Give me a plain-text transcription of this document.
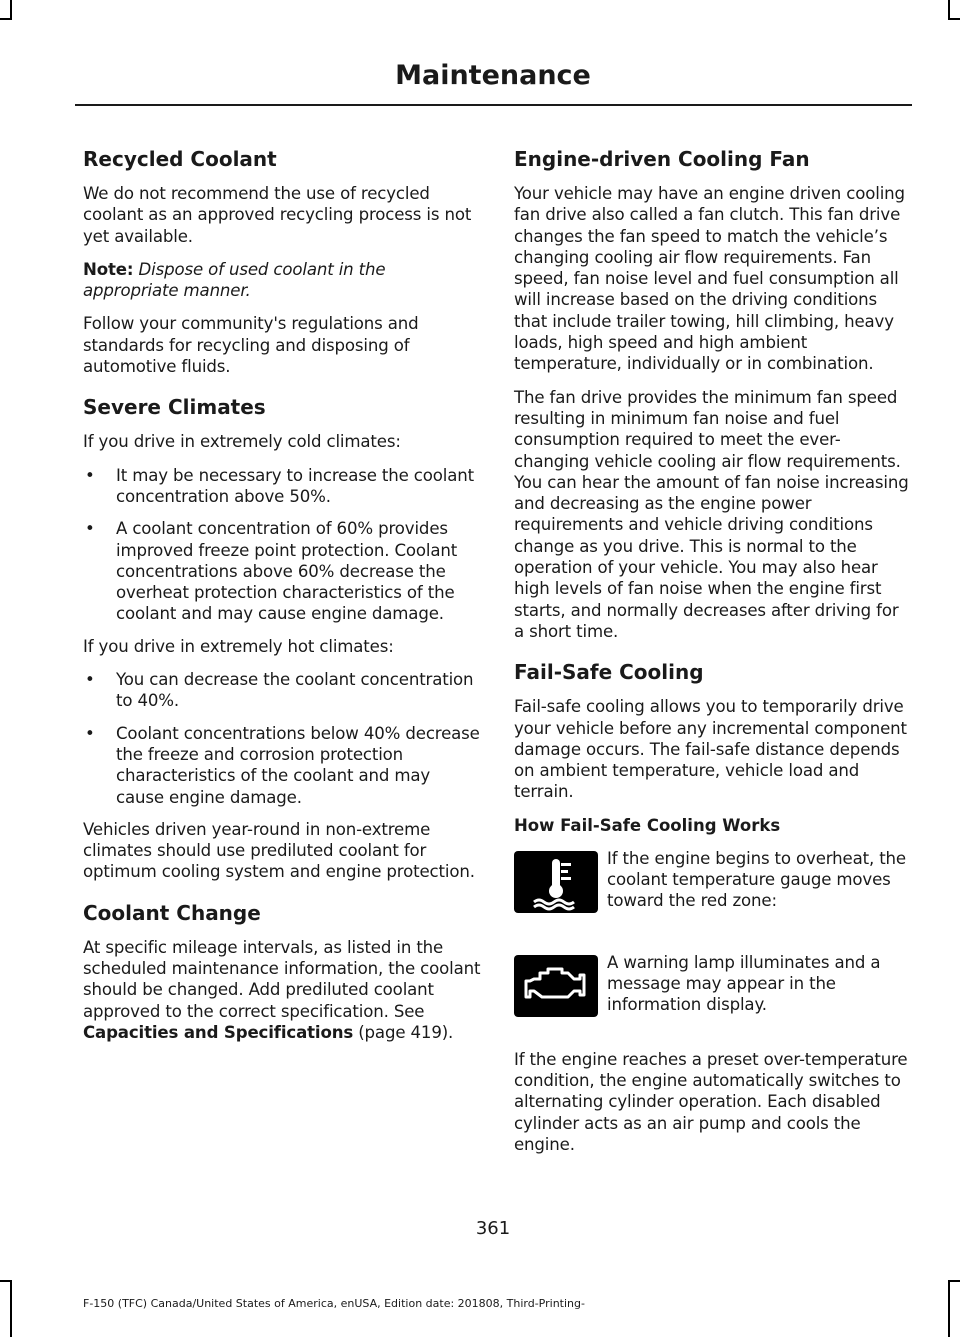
Maintenance
Recycled Coolant

We do not recommend the use of recycled coolant as an approved recycling process is not yet available.

Note: Dispose of used coolant in the appropriate manner.

Follow your community's regulations and standards for recycling and disposing of automotive fluids.

Severe Climates

If you drive in extremely cold climates:

• It may be necessary to increase the coolant concentration above 50%.
• A coolant concentration of 60% provides improved freeze point protection. Coolant concentrations above 60% decrease the overheat protection characteristics of the coolant and may cause engine damage.

If you drive in extremely hot climates:

• You can decrease the coolant concentration to 40%.
• Coolant concentrations below 40% decrease the freeze and corrosion protection characteristics of the coolant and may cause engine damage.

Vehicles driven year-round in non-extreme climates should use prediluted coolant for optimum cooling system and engine protection.

Coolant Change

At specific mileage intervals, as listed in the scheduled maintenance information, the coolant should be changed. Add prediluted coolant approved to the correct specification. See Capacities and Specifications (page 419).

Engine-driven Cooling Fan

Your vehicle may have an engine driven cooling fan drive also called a fan clutch. This fan drive changes the fan speed to match the vehicle’s changing cooling air flow requirements. Fan speed, fan noise level and fuel consumption all will increase based on the driving conditions that include trailer towing, hill climbing, heavy loads, high speed and high ambient temperature, individually or in combination.

The fan drive provides the minimum fan speed resulting in minimum fan noise and fuel consumption required to meet the ever-changing vehicle cooling air flow requirements. You can hear the amount of fan noise increasing and decreasing as the engine power requirements and vehicle driving conditions change as you drive. This is normal to the operation of your vehicle. You may also hear high levels of fan noise when the engine first starts, and normally decreases after driving for a short time.

Fail-Safe Cooling

Fail-safe cooling allows you to temporarily drive your vehicle before any incremental component damage occurs. The fail-safe distance depends on ambient temperature, vehicle load and terrain.

How Fail-Safe Cooling Works

If the engine begins to overheat, the coolant temperature gauge moves toward the red zone:

A warning lamp illuminates and a message may appear in the information display.

If the engine reaches a preset over-temperature condition, the engine automatically switches to alternating cylinder operation. Each disabled cylinder acts as an air pump and cools the engine.

361
F-150 (TFC) Canada/United States of America, enUSA, Edition date: 201808, Third-Printing-
